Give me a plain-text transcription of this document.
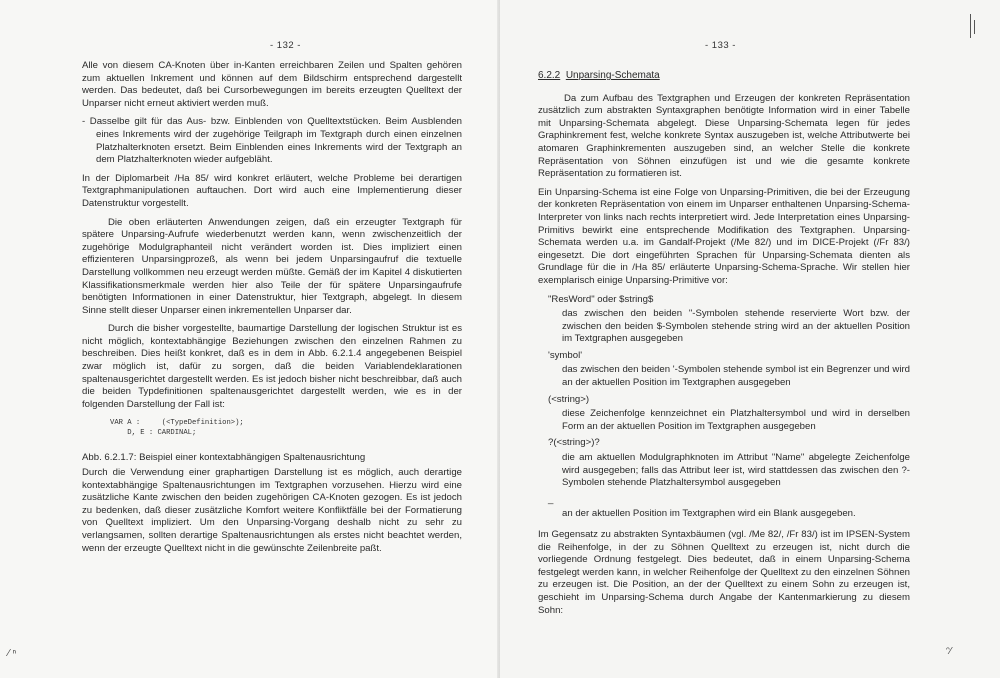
- 132 -

Alle von diesem CA-Knoten über in-Kanten erreichbaren Zeilen und Spalten gehören zum aktuellen Inkrement und können auf dem Bildschirm entsprechend dargestellt werden. Das bedeutet, daß bei Cursorbewegungen im bereits erzeugten Quelltext der Unparser nicht erneut aktiviert werden muß.

- Dasselbe gilt für das Aus- bzw. Einblenden von Quelltextstücken. Beim Ausblenden eines Inkrements wird der zugehörige Teilgraph im Textgraph durch einen einzelnen Platzhalterknoten ersetzt. Beim Einblenden eines Inkrements wird der Textgraph an dem Platzhalterknoten wieder aufgebläht.

In der Diplomarbeit /Ha 85/ wird konkret erläutert, welche Probleme bei derartigen Textgraphmanipulationen auftauchen. Dort wird auch eine Implementierung dieser Datenstruktur vorgestellt.

Die oben erläuterten Anwendungen zeigen, daß ein erzeugter Textgraph für spätere Unparsing-Aufrufe wiederbenutzt werden kann, wenn zwischenzeitlich der zugehörige Modulgraphanteil nicht verändert worden ist. Dies impliziert einen effizienteren Unparsingprozeß, als wenn bei jedem Unparsingaufruf die textuelle Darstellung vollkommen neu erzeugt werden müßte. Gemäß der im Kapitel 4 diskutierten Klassifikationsmerkmale werden hier also Teile der für spätere Unparsingaufrufe benötigten Informationen in einer Datenstruktur, hier Textgraph, abgelegt. In diesem Sinne stellt dieser Unparser einen inkrementellen Unparser dar.

Durch die bisher vorgestellte, baumartige Darstellung der logischen Struktur ist es nicht möglich, kontextabhängige Beziehungen zwischen den einzelnen Rahmen zu beschreiben. Dies heißt konkret, daß es in dem in Abb. 6.2.1.4 angegebenen Beispiel zwar möglich ist, dafür zu sorgen, daß die beiden Variablendeklarationen spaltenausgerichtet dargestellt werden. Es ist jedoch bisher nicht beschreibbar, daß auch die beiden Typdefinitionen spaltenausgerichtet dargestellt werden, wie es in der folgenden Darstellung der Fall ist:

VAR A :     (<TypeDefinition>);
D, E : CARDINAL;

Abb. 6.2.1.7: Beispiel einer kontextabhängigen Spaltenausrichtung

Durch die Verwendung einer graphartigen Darstellung ist es möglich, auch derartige kontextabhängige Spaltenausrichtungen im Textgraphen vorzusehen. Hierzu wird eine zusätzliche Kante zwischen den beiden zugehörigen CA-Knoten gezogen. Es ist jedoch zu bedenken, daß dieser zusätzliche Komfort weitere Konfliktfälle bei der Formatierung von Quelltext impliziert. Um den Unparsing-Vorgang deshalb nicht zu sehr zu verlangsamen, sollten derartige Spaltenausrichtungen als erstes nicht beachtet werden, wenn der erzeugte Quelltext nicht in die gewünschte Zeilenbreite paßt.

⁄ ⁿ
- 133 -
6.2.2 Unparsing-Schemata

Da zum Aufbau des Textgraphen und Erzeugen der konkreten Repräsentation zusätzlich zum abstrakten Syntaxgraphen benötigte Information wird in einer Tabelle mit Unparsing-Schemata abgelegt. Diese Unparsing-Schemata legen für jedes Graphinkrement fest, welche konkrete Syntax auszugeben ist, welche Attributwerte bei atomaren Graphinkrementen auszugeben sind, an welcher Stelle die konkrete Repräsentation von Söhnen einzufügen ist und wie die gesamte konkrete Repräsentation zu formatieren ist.

Ein Unparsing-Schema ist eine Folge von Unparsing-Primitiven, die bei der Erzeugung der konkreten Repräsentation von einem im Unparser enthaltenen Unparsing-Schema-Interpreter von links nach rechts interpretiert wird. Jede Interpretation eines Unparsing-Primitivs bewirkt eine entsprechende Modifikation des Textgraphen. Unparsing-Schemata werden u.a. im Gandalf-Projekt (/Me 82/) und im DICE-Projekt (/Fr 83/) eingesetzt. Die dort eingeführten Sprachen für Unparsing-Schemata dienten als Grundlage für die in /Ha 85/ erläuterte Unparsing-Schema-Sprache. Wir stellen hier exemplarisch einige Unparsing-Primitive vor:

"ResWord" oder $string$
das zwischen den beiden "-Symbolen stehende reservierte Wort bzw. der zwischen den beiden $-Symbolen stehende string wird an der aktuellen Position im Textgraphen ausgegeben
'symbol'
das zwischen den beiden '-Symbolen stehende symbol ist ein Begrenzer und wird an der aktuellen Position im Textgraphen ausgegeben
(<string>)
diese Zeichenfolge kennzeichnet ein Platzhaltersymbol und wird in derselben Form an der aktuellen Position im Textgraphen ausgegeben
?(<string>)?
die am aktuellen Modulgraphknoten im Attribut "Name" abgelegte Zeichenfolge wird ausgegeben; falls das Attribut leer ist, wird stattdessen das zwischen den ?-Symbolen stehende Platzhaltersymbol ausgegeben
_
an der aktuellen Position im Textgraphen wird ein Blank ausgegeben.

Im Gegensatz zu abstrakten Syntaxbäumen (vgl. /Me 82/, /Fr 83/) ist im IPSEN-System die Reihenfolge, in der zu Söhnen Quelltext zu erzeugen ist, nicht durch die vorliegende Ordnung festgelegt. Dies bedeutet, daß in einem Unparsing-Schema festgelegt werden kann, in welcher Reihenfolge der Quelltext zu den einzelnen Söhnen zu erzeugen ist. Die Position, an der der Quelltext zu einem Sohn zu erzeugen ist, geschieht im Unparsing-Schema durch Angabe der Kantenmarkierung zu diesem Sohn:

ᵔ⁄
